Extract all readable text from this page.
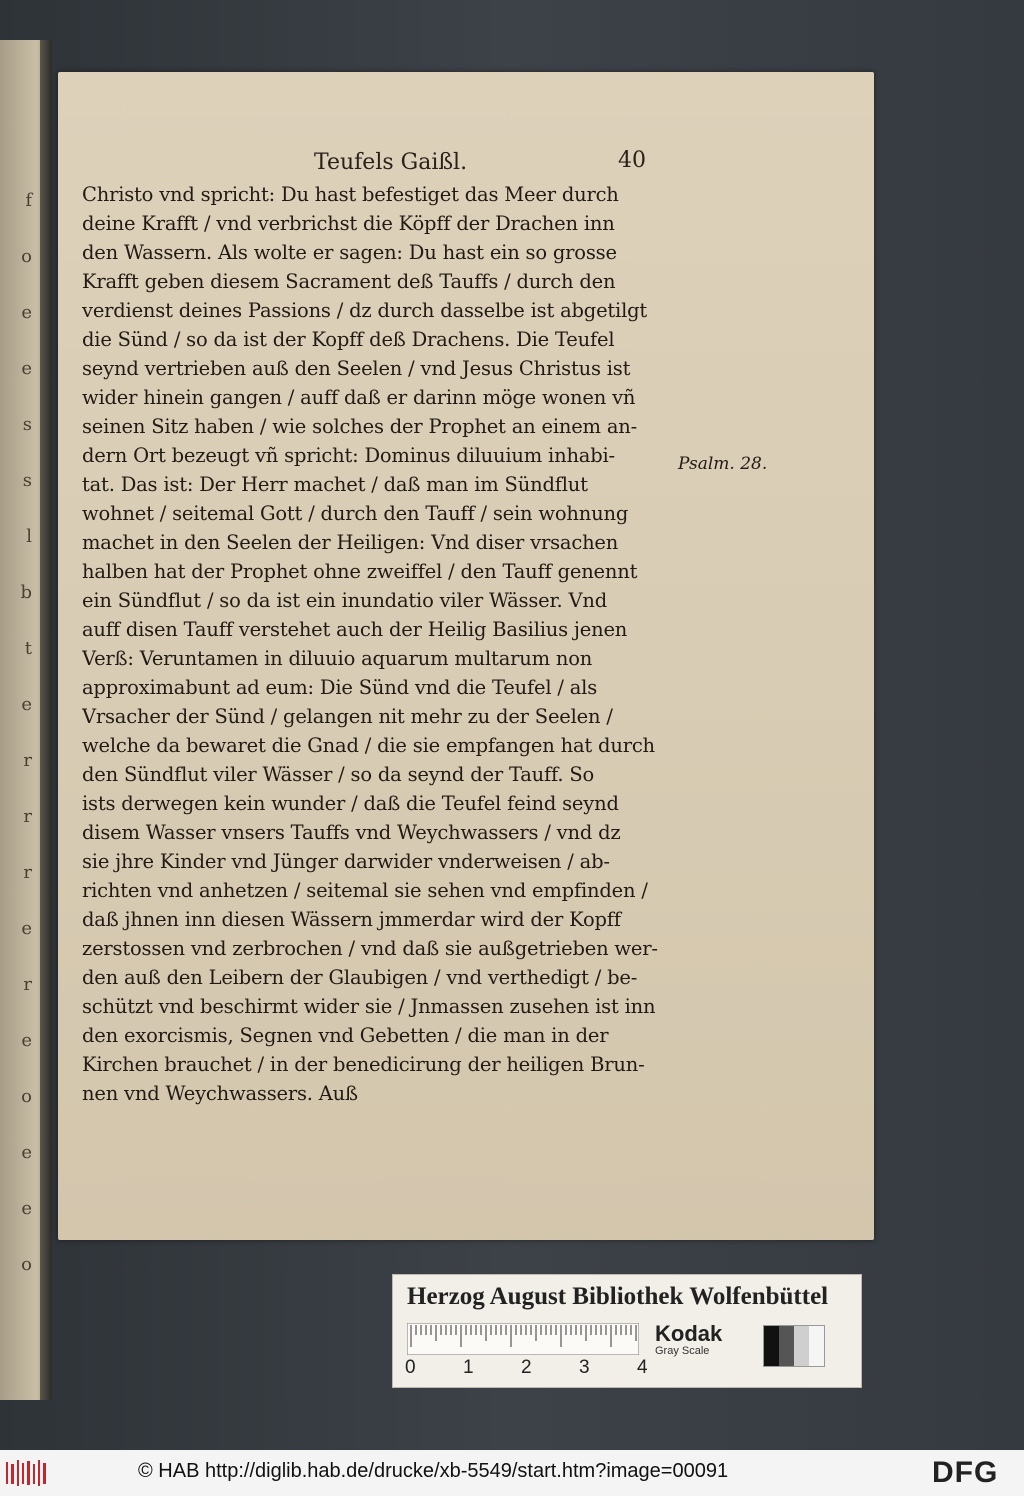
f
o
e
e
s
s
l
b
t
e
r
r
r
e
r
e
o
e
e
o
Teufels Gaißl.	40
Christo vnd spricht: Du hast befestiget das Meer durch
deine Krafft / vnd verbrichst die Köpff der Drachen inn
den Wassern. Als wolte er sagen: Du hast ein so grosse
Krafft geben diesem Sacrament deß Tauffs / durch den
verdienst deines Passions / dz durch dasselbe ist abgetilgt
die Sünd / so da ist der Kopff deß Drachens. Die Teufel
seynd vertrieben auß den Seelen / vnd Jesus Christus ist
wider hinein gangen / auff daß er darinn möge wonen vñ
seinen Sitz haben / wie solches der Prophet an einem an-
dern Ort bezeugt vñ spricht: Dominus diluuium inhabi-
tat. Das ist: Der Herr machet / daß man im Sündflut
wohnet / seitemal Gott / durch den Tauff / sein wohnung
machet in den Seelen der Heiligen: Vnd diser vrsachen
halben hat der Prophet ohne zweiffel / den Tauff genennt
ein Sündflut / so da ist ein inundatio viler Wässer. Vnd
auff disen Tauff verstehet auch der Heilig Basilius jenen
Verß: Veruntamen in diluuio aquarum multarum non
approximabunt ad eum: Die Sünd vnd die Teufel / als
Vrsacher der Sünd / gelangen nit mehr zu der Seelen /
welche da bewaret die Gnad / die sie empfangen hat durch
den Sündflut viler Wässer / so da seynd der Tauff. So
ists derwegen kein wunder / daß die Teufel feind seynd
disem Wasser vnsers Tauffs vnd Weychwassers / vnd dz
sie jhre Kinder vnd Jünger darwider vnderweisen / ab-
richten vnd anhetzen / seitemal sie sehen vnd empfinden /
daß jhnen inn diesen Wässern jmmerdar wird der Kopff
zerstossen vnd zerbrochen / vnd daß sie außgetrieben wer-
den auß den Leibern der Glaubigen / vnd verthedigt / be-
schützt vnd beschirmt wider sie / Jnmassen zusehen ist inn
den exorcismis, Segnen vnd Gebetten / die man in der
Kirchen brauchet / in der benedicirung der heiligen Brun-
nen vnd Weychwassers. Auß
Psalm. 28.
Herzog August Bibliothek Wolfenbüttel
0 1 2 3 4
Kodak
Gray Scale
© HAB http://diglib.hab.de/drucke/xb-5549/start.htm?image=00091	DFG
